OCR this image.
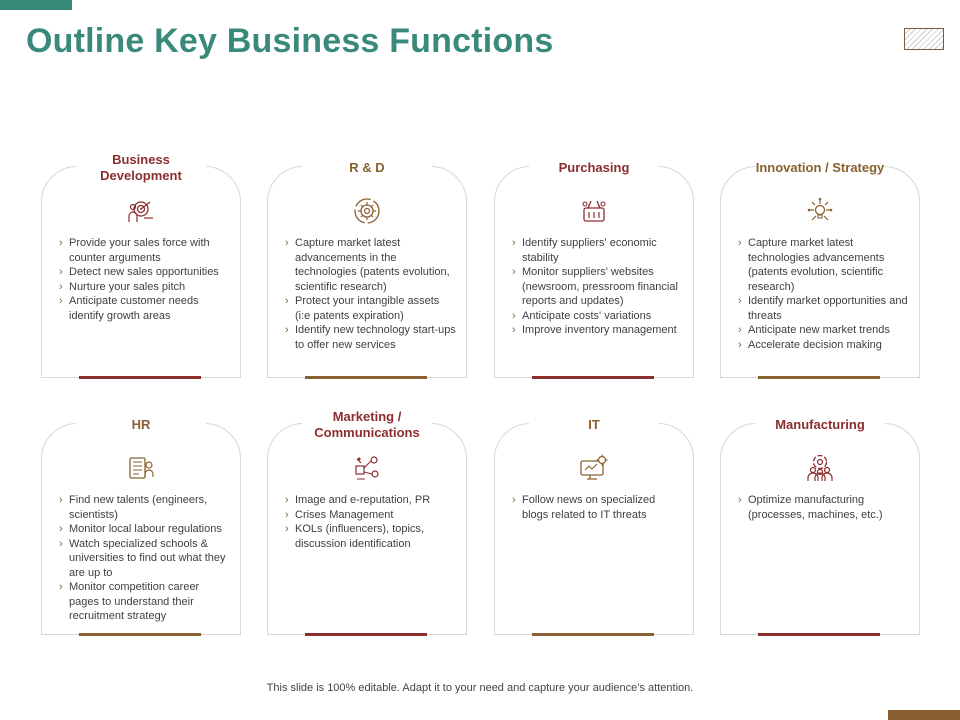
Outline Key Business Functions
Business Development
› Provide your sales force with counter arguments
› Detect new sales opportunities
› Nurture your sales pitch
› Anticipate customer needs identify growth areas
R & D
› Capture market latest advancements in the technologies (patents evolution, scientific research)
› Protect your intangible assets (i:e patents expiration)
› Identify new technology start-ups to offer new services
Purchasing
› Identify suppliers' economic stability
› Monitor suppliers' websites (newsroom, pressroom financial reports and updates)
› Anticipate costs' variations
› Improve inventory management
Innovation / Strategy
› Capture market latest technologies advancements (patents evolution, scientific research)
› Identify market opportunities and threats
› Anticipate new market trends
› Accelerate decision making
HR
› Find new talents (engineers, scientists)
› Monitor local labour regulations
› Watch specialized schools & universities to find out what they are up to
› Monitor competition career pages to understand their recruitment strategy
Marketing / Communications
› Image and e-reputation, PR
› Crises Management
› KOLs (influencers), topics, discussion identification
IT
› Follow news on specialized blogs related to IT threats
Manufacturing
› Optimize manufacturing (processes, machines, etc.)
This slide is 100% editable. Adapt it to your need and capture your audience’s attention.
